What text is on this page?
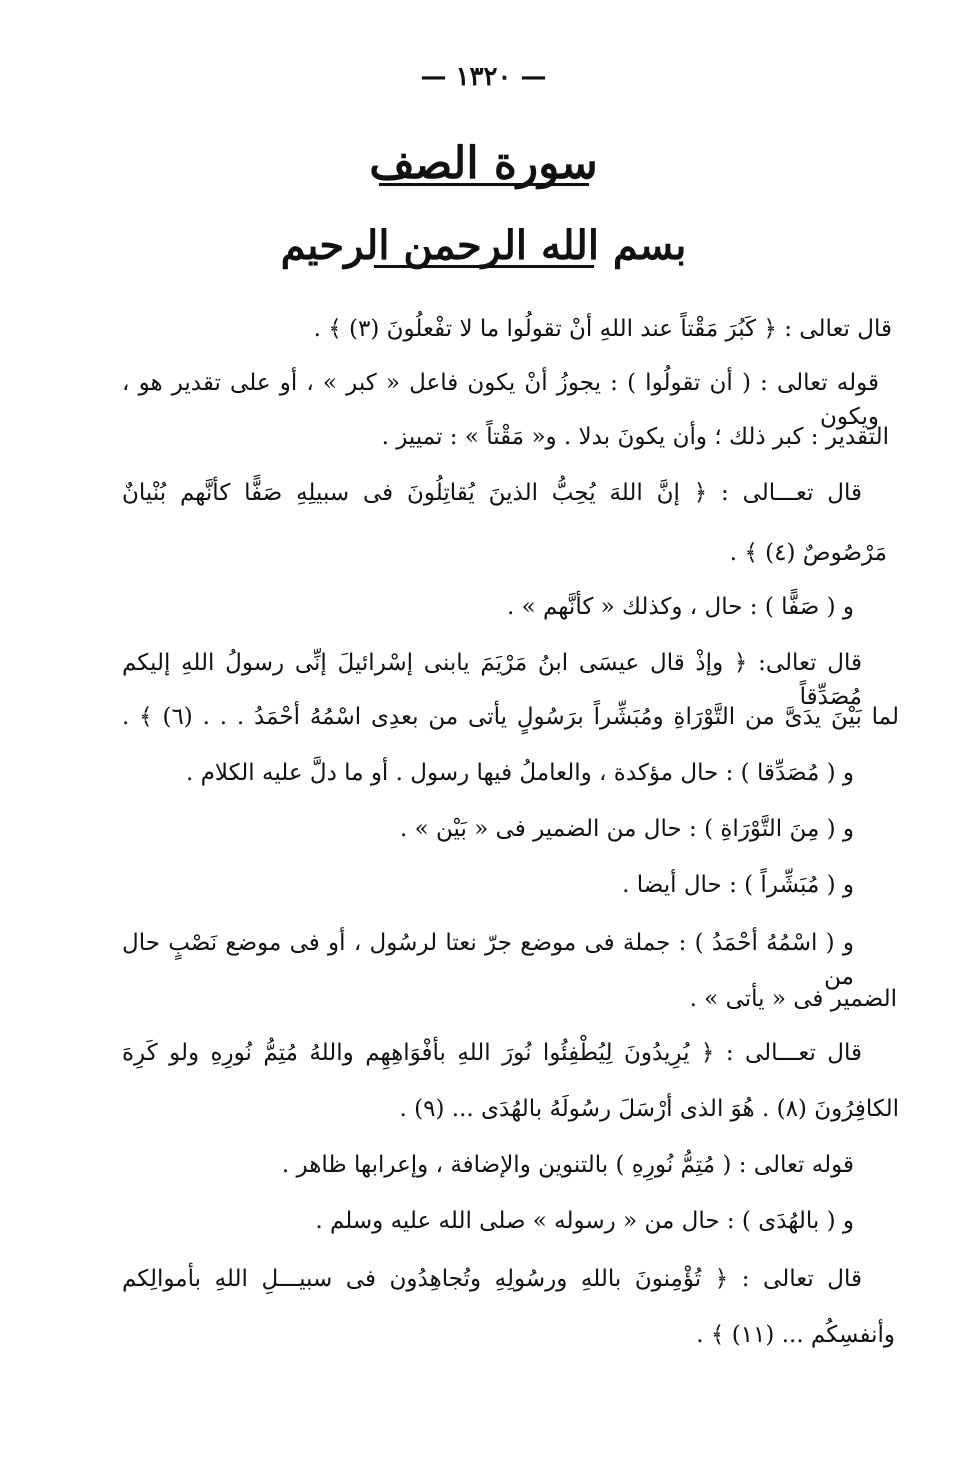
— ١٣٢٠ —
سورة الصف
بسم الله الرحمن الرحيم
قال تعالى : ﴿ كَبُرَ مَقْتاً عند اللهِ أنْ تقولُوا ما لا تفْعلُونَ (٣) ﴾ .
قوله تعالى : ( أن تقولُوا ) : يجوزُ أنْ يكون فاعل « كبر » ، أو على تقدير هو ، ويكون
التقدير : كبر ذلك ؛ وأن يكونَ بدلا . و« مَقْتاً » : تمييز .
قال تعـــالى : ﴿ إنَّ اللهَ يُحِبُّ الذينَ يُقاتِلُونَ فى سبيلِهِ صَفًّا كأنَّهم بُنْيانٌ
مَرْصُوصٌ (٤) ﴾ .
و ( صَفًّا ) : حال ، وكذلك « كأنَّهم » .
قال تعالى: ﴿ وإذْ قال عيسَى ابنُ مَرْيَمَ يابنى إسْرائيلَ إنِّى رسولُ اللهِ إليكم مُصَدِّقاً
لما بَيْنَ يدَىَّ من التَّوْرَاةِ ومُبَشِّراً برَسُولٍ يأتى من بعدِى اسْمُهُ أحْمَدُ . . . (٦) ﴾ .
و ( مُصَدِّقا ) : حال مؤكدة ، والعاملُ فيها رسول . أو ما دلَّ عليه الكلام .
و ( مِنَ التَّوْرَاةِ ) : حال من الضمير فى « بَيْن » .
و ( مُبَشِّراً ) : حال أيضا .
و ( اسْمُهُ أحْمَدُ ) : جملة فى موضع جرّ نعتا لرسُول ، أو فى موضع نَصْبٍ حال من
الضمير فى « يأتى » .
قال تعـــالى : ﴿ يُرِيدُونَ لِيُطْفِئُوا نُورَ اللهِ بأفْوَاهِهِم واللهُ مُتِمُّ نُورِهِ ولو كَرِهَ
الكافِرُونَ (٨) . هُوَ الذى أرْسَلَ رسُولَهُ بالهُدَى ... (٩) .
قوله تعالى : ( مُتِمُّ نُورِهِ ) بالتنوين والإضافة ، وإعرابها ظاهر .
و ( بالهُدَى ) : حال من « رسوله » صلى الله عليه وسلم .
قال تعالى : ﴿ تُؤْمِنونَ باللهِ ورسُولِهِ وتُجاهِدُون فى سبيـــلِ اللهِ بأموالِكم
وأنفسِكُم ... (١١) ﴾ .
